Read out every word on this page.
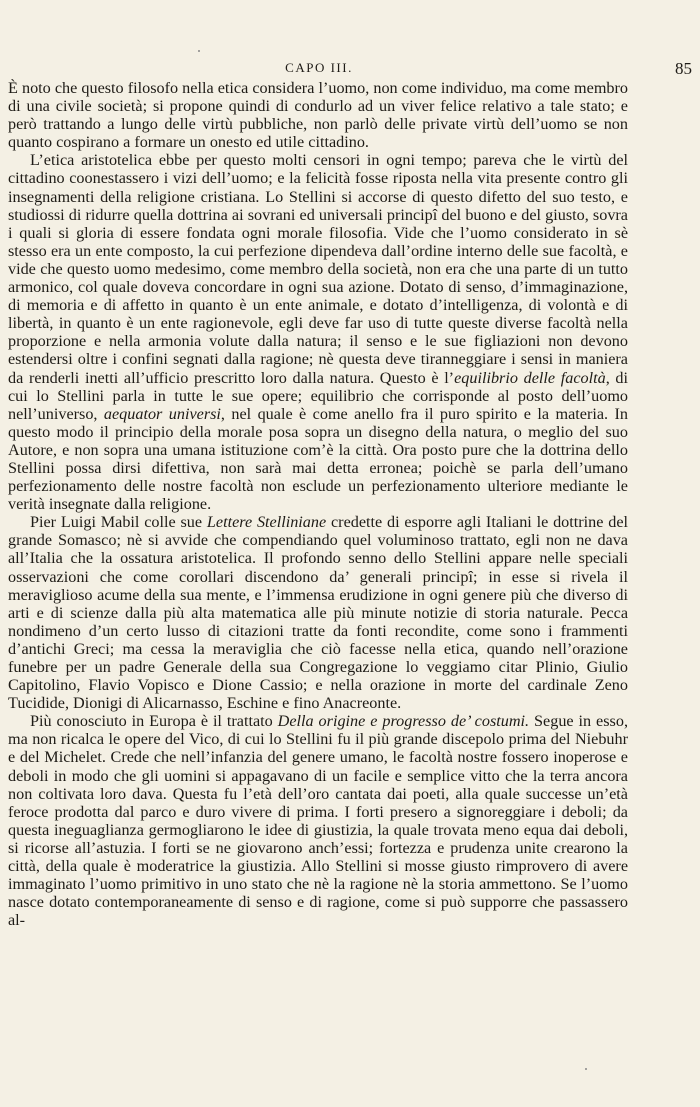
CAPO III.	85

È noto che questo filosofo nella etica considera l’uomo, non come individuo, ma come membro di una civile società; si propone quindi di condurlo ad un viver felice relativo a tale stato; e però trattando a lungo delle virtù pubbliche, non parlò delle private virtù dell’uomo se non quanto cospirano a formare un onesto ed utile cittadino.

L’etica aristotelica ebbe per questo molti censori in ogni tempo; pareva che le virtù del cittadino coonestassero i vizi dell’uomo; e la felicità fosse riposta nella vita presente contro gli insegnamenti della religione cristiana. Lo Stellini si accorse di questo difetto del suo testo, e studiossi di ridurre quella dottrina ai sovrani ed universali principî del buono e del giusto, sovra i quali si gloria di essere fondata ogni morale filosofia. Vide che l’uomo considerato in sè stesso era un ente composto, la cui perfezione dipendeva dall’ordine interno delle sue facoltà, e vide che questo uomo medesimo, come membro della società, non era che una parte di un tutto armonico, col quale doveva concordare in ogni sua azione. Dotato di senso, d’immaginazione, di memoria e di affetto in quanto è un ente animale, e dotato d’intelligenza, di volontà e di libertà, in quanto è un ente ragionevole, egli deve far uso di tutte queste diverse facoltà nella proporzione e nella armonia volute dalla natura; il senso e le sue figliazioni non devono estendersi oltre i confini segnati dalla ragione; nè questa deve tiranneggiare i sensi in maniera da renderli inetti all’ufficio prescritto loro dalla natura. Questo è l’equilibrio delle facoltà, di cui lo Stellini parla in tutte le sue opere; equilibrio che corrisponde al posto dell’uomo nell’universo, aequator universi, nel quale è come anello fra il puro spirito e la materia. In questo modo il principio della morale posa sopra un disegno della natura, o meglio del suo Autore, e non sopra una umana istituzione com’è la città. Ora posto pure che la dottrina dello Stellini possa dirsi difettiva, non sarà mai detta erronea; poichè se parla dell’umano perfezionamento delle nostre facoltà non esclude un perfezionamento ulteriore mediante le verità insegnate dalla religione.

Pier Luigi Mabil colle sue Lettere Stelliniane credette di esporre agli Italiani le dottrine del grande Somasco; nè si avvide che compendiando quel voluminoso trattato, egli non ne dava all’Italia che la ossatura aristotelica. Il profondo senno dello Stellini appare nelle speciali osservazioni che come corollari discendono da’ generali principî; in esse si rivela il meraviglioso acume della sua mente, e l’immensa erudizione in ogni genere più che diverso di arti e di scienze dalla più alta matematica alle più minute notizie di storia naturale. Pecca nondimeno d’un certo lusso di citazioni tratte da fonti recondite, come sono i frammenti d’antichi Greci; ma cessa la meraviglia che ciò facesse nella etica, quando nell’orazione funebre per un padre Generale della sua Congregazione lo veggiamo citar Plinio, Giulio Capitolino, Flavio Vopisco e Dione Cassio; e nella orazione in morte del cardinale Zeno Tucidide, Dionigi di Alicarnasso, Eschine e fino Anacreonte.

Più conosciuto in Europa è il trattato Della origine e progresso de’ costumi. Segue in esso, ma non ricalca le opere del Vico, di cui lo Stellini fu il più grande discepolo prima del Niebuhr e del Michelet. Crede che nell’infanzia del genere umano, le facoltà nostre fossero inoperose e deboli in modo che gli uomini si appagavano di un facile e semplice vitto che la terra ancora non coltivata loro dava. Questa fu l’età dell’oro cantata dai poeti, alla quale successe un’età feroce prodotta dal parco e duro vivere di prima. I forti presero a signoreggiare i deboli; da questa ineguaglianza germogliarono le idee di giustizia, la quale trovata meno equa dai deboli, si ricorse all’astuzia. I forti se ne giovarono anch’essi; fortezza e prudenza unite crearono la città, della quale è moderatrice la giustizia. Allo Stellini si mosse giusto rimprovero di avere immaginato l’uomo primitivo in uno stato che nè la ragione nè la storia ammettono. Se l’uomo nasce dotato contemporaneamente di senso e di ragione, come si può supporre che passassero al-
